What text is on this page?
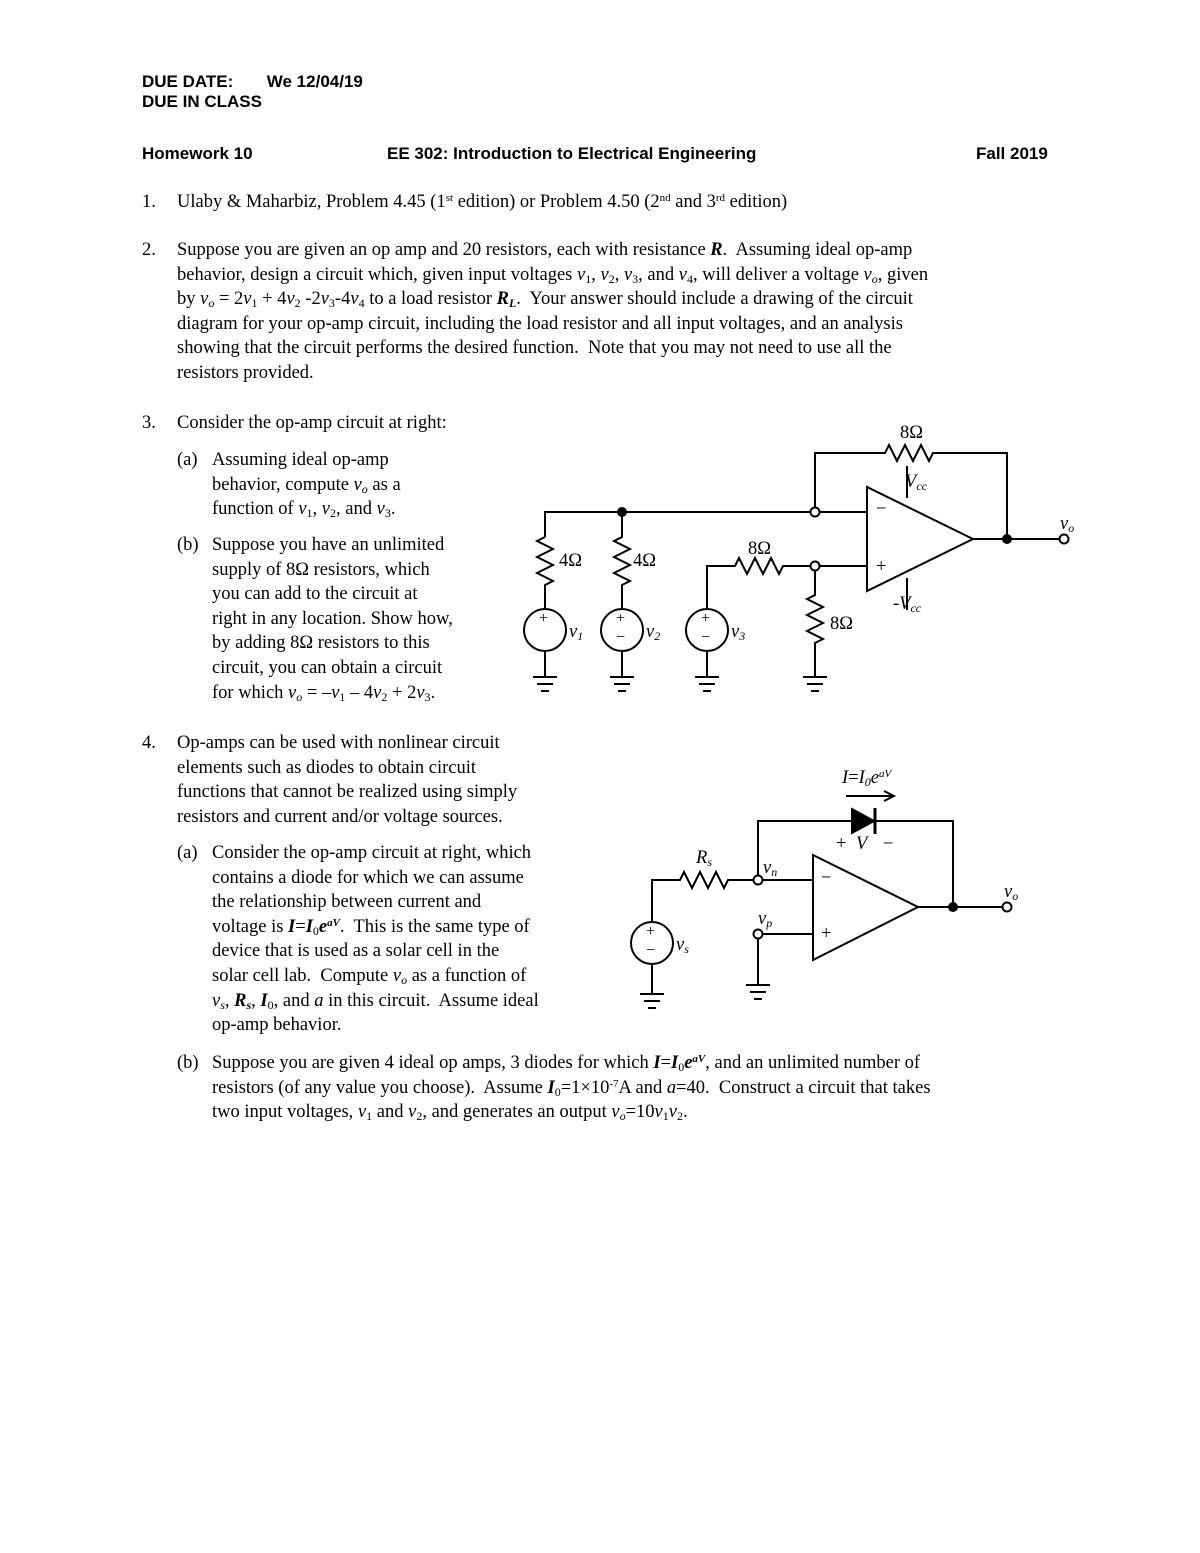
DUE DATE: We 12/04/19
DUE IN CLASS
Homework 10	EE 302: Introduction to Electrical Engineering	Fall 2019
1. Ulaby & Maharbiz, Problem 4.45 (1st edition) or Problem 4.50 (2nd and 3rd edition)
2. Suppose you are given an op amp and 20 resistors, each with resistance R.  Assuming ideal op-amp
behavior, design a circuit which, given input voltages $v_1$, $v_2$, $v_3$, and $v_4$, will deliver a voltage $v_o$, given
by $v_o = 2v_1 + 4v_2$ $-2v_3-4v_4$ to a load resistor $R_L$.  Your answer should include a drawing of the circuit
diagram for your op-amp circuit, including the load resistor and all input voltages, and an analysis
showing that the circuit performs the desired function.  Note that you may not need to use all the
resistors provided.
3. Consider the op-amp circuit at right:
(a) Assuming ideal op-amp
behavior, compute $v_o$ as a
function of $v_1$, $v_2$, and $v_3$.
(b) Suppose you have an unlimited
supply of 8Ω resistors, which
you can add to the circuit at
right in any location. Show how,
by adding 8Ω resistors to this
circuit, you can obtain a circuit
for which $v_o = -v_1 - 4v_2 + 2v_3$.
8Ω
4Ω	4Ω
8Ω
8Ω
$V_{cc}$
$-V_{cc}$
−
+
+
$v_1$
+
− $v_2$
+
− $v_3$
$v_o$
4. Op-amps can be used with nonlinear circuit
elements such as diodes to obtain circuit
functions that cannot be realized using simply
resistors and current and/or voltage sources.
(a) Consider the op-amp circuit at right, which
contains a diode for which we can assume
the relationship between current and
voltage is $I=I_0e^{aV}$.  This is the same type of
device that is used as a solar cell in the
solar cell lab.  Compute $v_o$ as a function of
$v_s$, $R_s$, $I_0$, and a in this circuit.  Assume ideal
op-amp behavior.
(b) Suppose you are given 4 ideal op amps, 3 diodes for which $I=I_0e^{aV}$, and an unlimited number of
resistors (of any value you choose).  Assume $I_0=1\times 10^{-7}A$ and a=40.  Construct a circuit that takes
two input voltages, $v_1$ and $v_2$, and generates an output $v_o=10v_1v_2$.
$I=I_0e^{aV}$
+ V −
$R_s$	$v_n$
$v_p$
−
+
+
− $v_s$
$v_o$
